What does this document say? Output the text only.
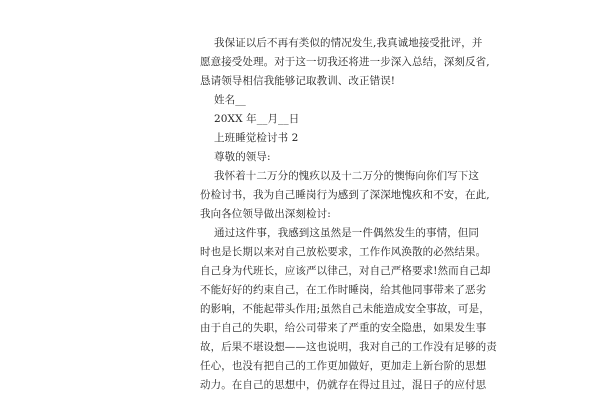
我保证以后不再有类似的情况发生,我真诚地接受批评，并
愿意接受处理。对于这一切我还将进一步深入总结，深刻反省,
恳请领导相信我能够记取教训、改正错误!
姓名__
20XX 年__月__日
上班睡觉检讨书 2
尊敬的领导:
我怀着十二万分的愧疚以及十二万分的懊悔向你们写下这
份检讨书，我为自己睡岗行为感到了深深地愧疚和不安，在此,
我向各位领导做出深刻检讨:
通过这件事，我感到这虽然是一件偶然发生的事情，但同
时也是长期以来对自己放松要求，工作作风涣散的必然结果。
自己身为代班长，应该严以律己，对自己严格要求!然而自己却
不能好好的约束自己，在工作时睡岗，给其他同事带来了恶劣
的影响，不能起带头作用;虽然自己未能造成安全事故，可是，
由于自己的失职，给公司带来了严重的安全隐患，如果发生事
故，后果不堪设想——这也说明，我对自己的工作没有足够的责
任心，也没有把自己的工作更加做好，更加走上新台阶的思想
动力。在自己的思想中，仍就存在得过且过，混日子的应付思
